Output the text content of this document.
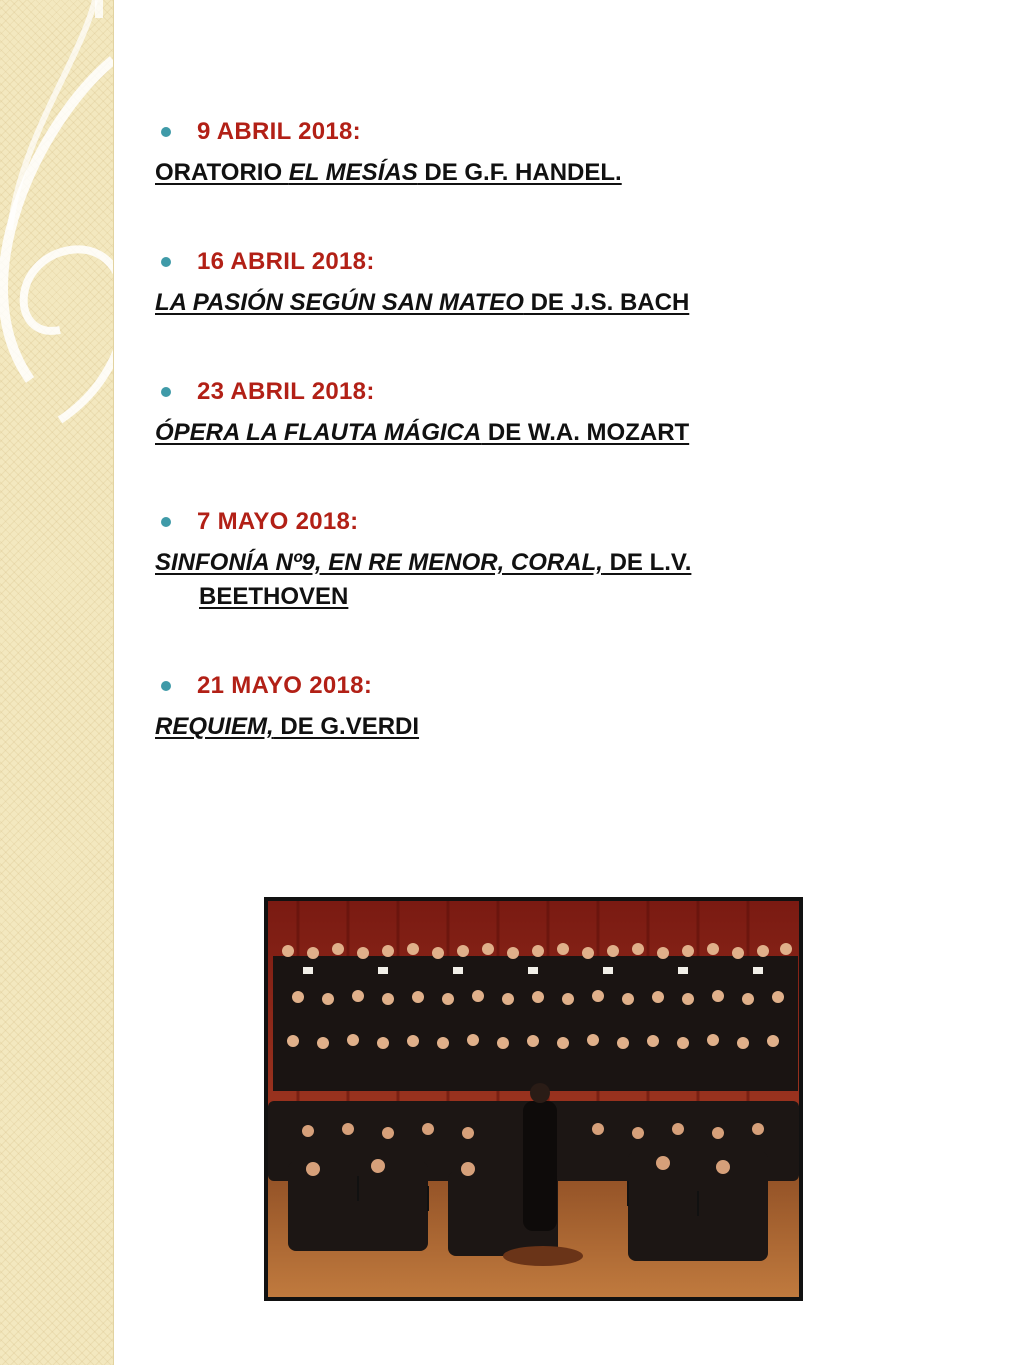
9 ABRIL 2018:
ORATORIO EL MESÍAS DE G.F. HANDEL.
16 ABRIL 2018:
LA PASIÓN SEGÚN SAN MATEO DE J.S. BACH
23 ABRIL 2018:
ÓPERA LA FLAUTA MÁGICA DE W.A. MOZART
7 MAYO 2018:
SINFONÍA Nº9, EN RE MENOR, CORAL, DE L.V.
BEETHOVEN
21 MAYO 2018:
REQUIEM, DE G.VERDI
